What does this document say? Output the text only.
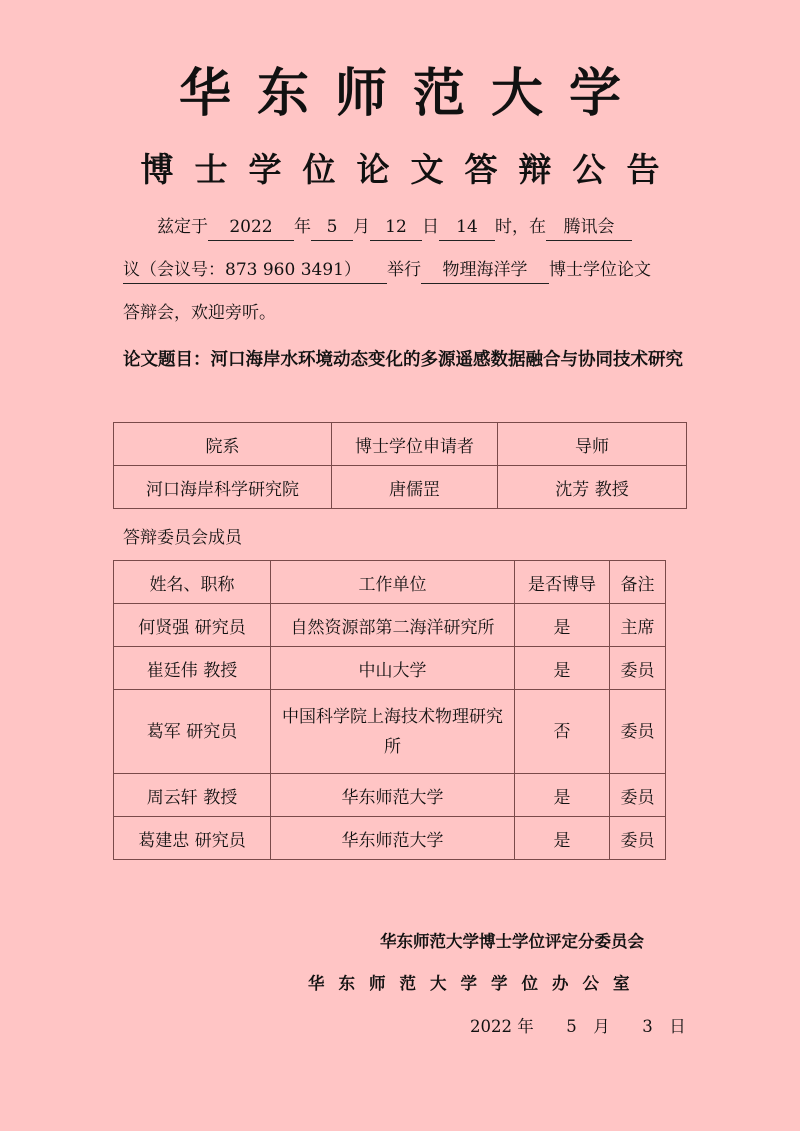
华东师范大学
博士学位论文答辩公告
兹定于 2022 年 5 月 12 日 14 时，在 腾讯会
议（会议号：873 960 3491） 举行 物理海洋学 博士学位论文
答辩会，欢迎旁听。
论文题目：河口海岸水环境动态变化的多源遥感数据融合与协同技术研究
院系	博士学位申请者	导师
河口海岸科学研究院	唐儒罡	沈芳 教授
答辩委员会成员
姓名、职称	工作单位	是否博导	备注
何贤强 研究员	自然资源部第二海洋研究所	是	主席
崔廷伟 教授	中山大学	是	委员
葛军 研究员	中国科学院上海技术物理研究所	否	委员
周云轩 教授	华东师范大学	是	委员
葛建忠 研究员	华东师范大学	是	委员
华东师范大学博士学位评定分委员会
华东师范大学学位办公室
2022 年 5 月 3 日
